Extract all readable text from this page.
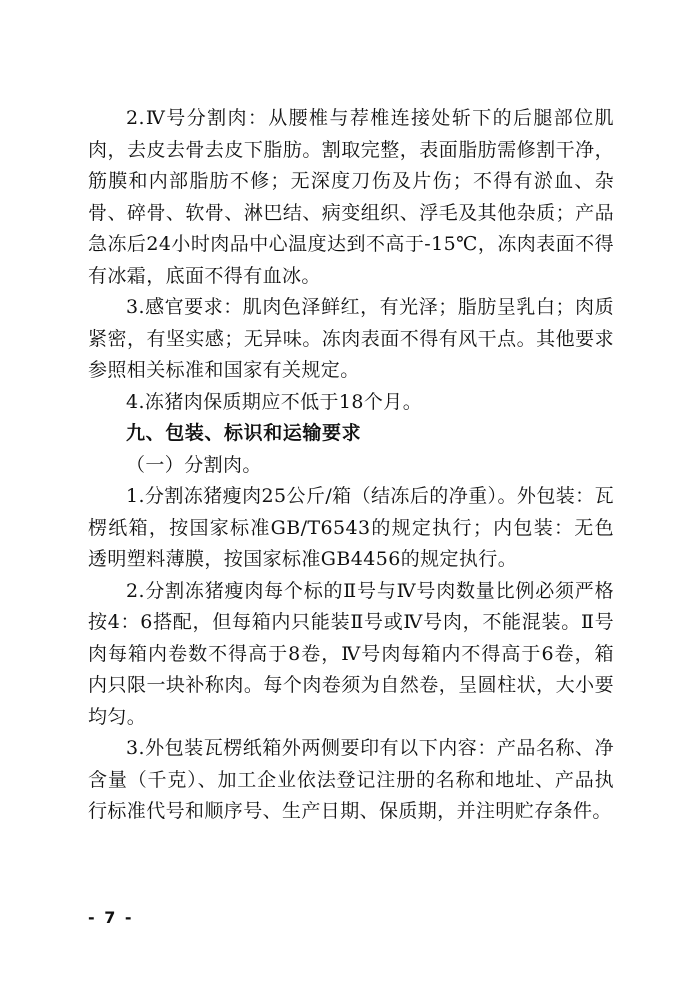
2.Ⅳ号分割肉：从腰椎与荐椎连接处斩下的后腿部位肌肉，去皮去骨去皮下脂肪。割取完整，表面脂肪需修割干净，筋膜和内部脂肪不修；无深度刀伤及片伤；不得有淤血、杂骨、碎骨、软骨、淋巴结、病变组织、浮毛及其他杂质；产品急冻后24小时肉品中心温度达到不高于-15℃，冻肉表面不得有冰霜，底面不得有血冰。

3.感官要求：肌肉色泽鲜红，有光泽；脂肪呈乳白；肉质紧密，有坚实感；无异味。冻肉表面不得有风干点。其他要求参照相关标准和国家有关规定。

4.冻猪肉保质期应不低于18个月。

九、包装、标识和运输要求

（一）分割肉。

1.分割冻猪瘦肉25公斤/箱（结冻后的净重）。外包装：瓦楞纸箱，按国家标准GB/T6543的规定执行；内包装：无色透明塑料薄膜，按国家标准GB4456的规定执行。

2.分割冻猪瘦肉每个标的Ⅱ号与Ⅳ号肉数量比例必须严格按4：6搭配，但每箱内只能装Ⅱ号或Ⅳ号肉，不能混装。Ⅱ号肉每箱内卷数不得高于8卷，Ⅳ号肉每箱内不得高于6卷，箱内只限一块补称肉。每个肉卷须为自然卷，呈圆柱状，大小要均匀。

3.外包装瓦楞纸箱外两侧要印有以下内容：产品名称、净含量（千克）、加工企业依法登记注册的名称和地址、产品执行标准代号和顺序号、生产日期、保质期，并注明贮存条件。

- 7 -
